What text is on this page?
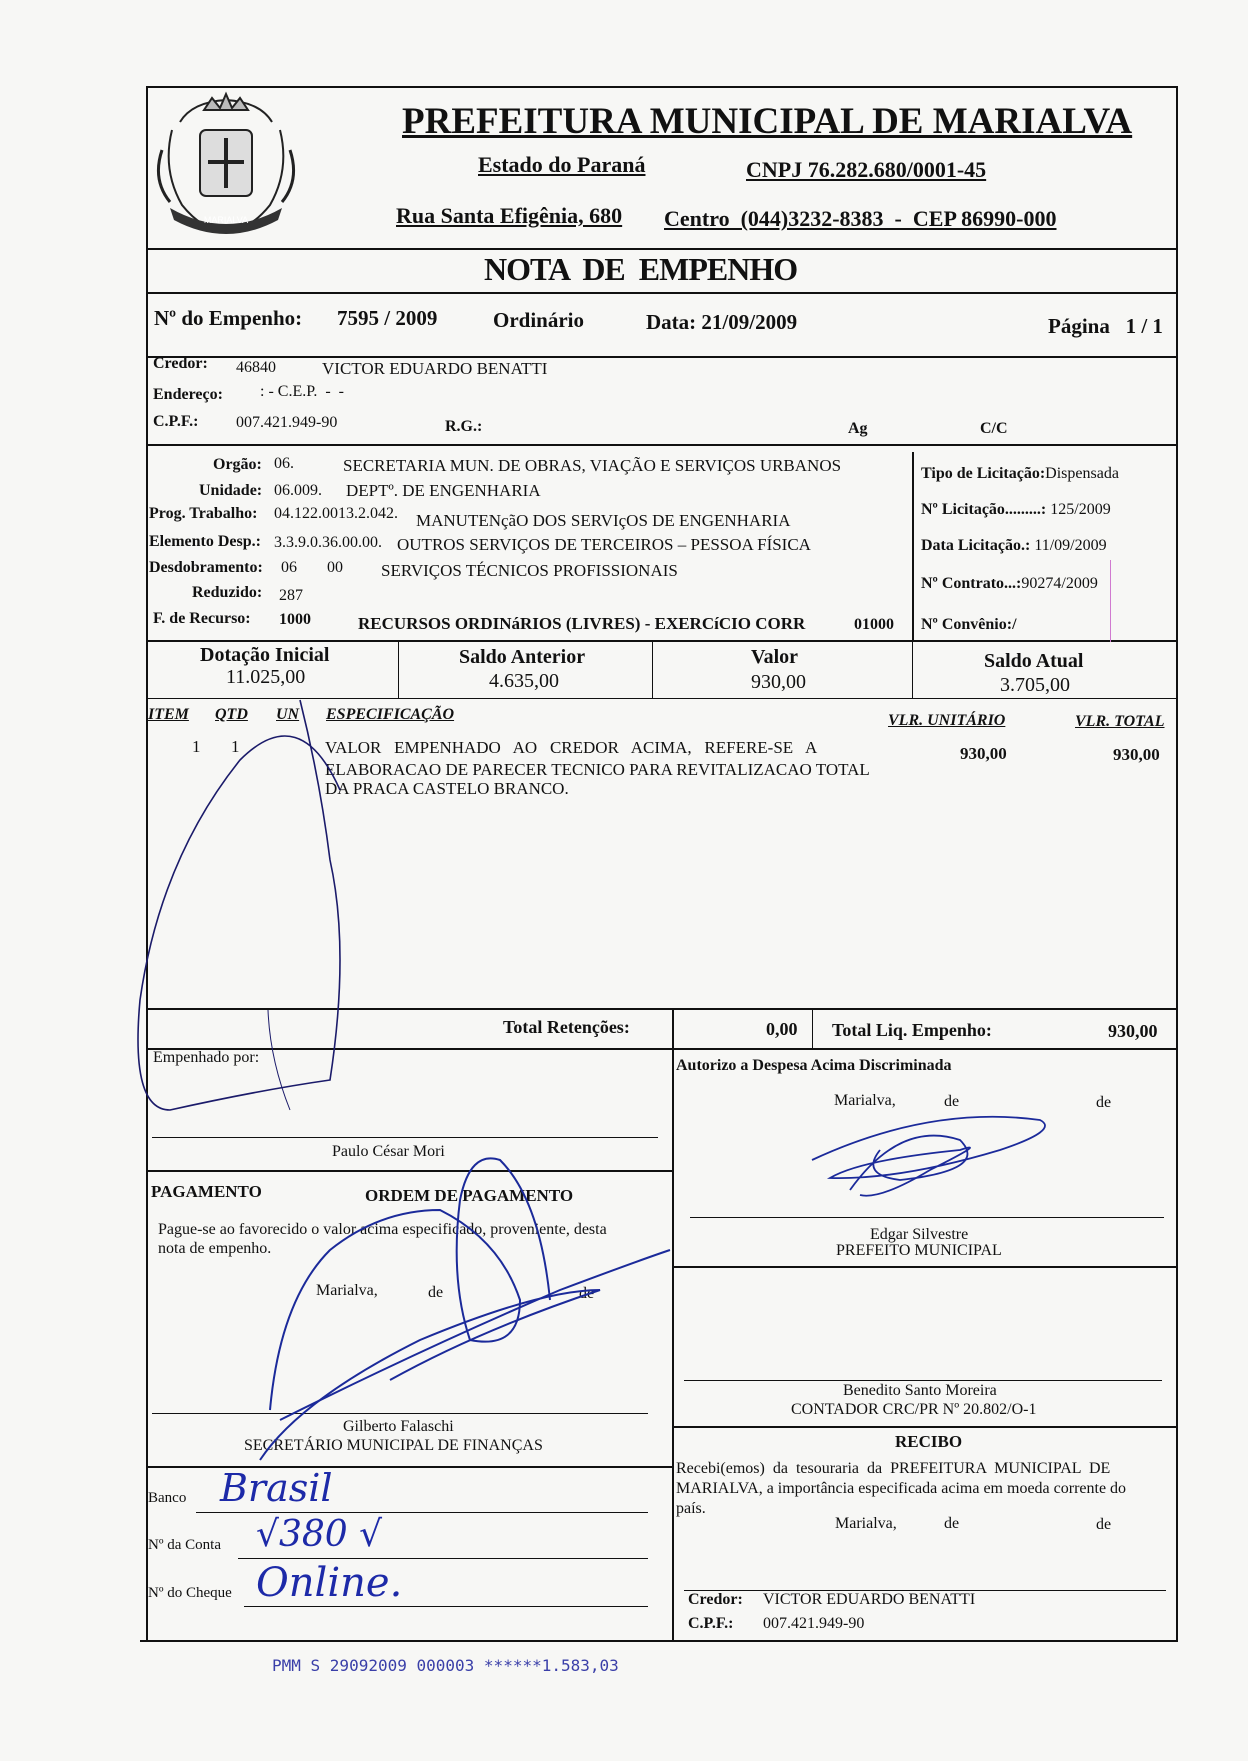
MARIALVA
PREFEITURA MUNICIPAL DE MARIALVA
Estado do Paraná	CNPJ 76.282.680/0001-45
Rua Santa Efigênia, 680 Centro  (044)3232-8383  -  CEP 86990-000
NOTA  DE  EMPENHO
Nº do Empenho: 7595 / 2009	Ordinário	Data: 21/09/2009	Página   1 / 1
Credor: 46840	VICTOR EDUARDO BENATTI
Endereço: : - C.E.P.  -  -
C.P.F.: 007.421.949-90	R.G.:	Ag	C/C
Orgão: 06.	SECRETARIA MUN. DE OBRAS, VIAÇÃO E SERVIÇOS URBANOS
Unidade: 06.009. DEPTº. DE ENGENHARIA
Prog. Trabalho: 04.122.0013.2.042. MANUTENçãO DOS SERVIçOS DE ENGENHARIA
Elemento Desp.: 3.3.9.0.36.00.00. OUTROS SERVIÇOS DE TERCEIROS – PESSOA FÍSICA
Desdobramento: 06 00 SERVIÇOS TÉCNICOS PROFISSIONAIS
Reduzido: 287
F. de Recurso: 1000	RECURSOS ORDINáRIOS (LIVRES) - EXERCíCIO CORR	01000
Tipo de Licitação:Dispensada
Nº Licitação.........: 125/2009
Data Licitação.: 11/09/2009
Nº Contrato...:90274/2009
Nº Convênio:/
Dotação Inicial
11.025,00
Saldo Anterior
4.635,00
Valor
930,00
Saldo Atual
3.705,00
ITEM QTD UN ESPECIFICAÇÃO	VLR. UNITÁRIO	VLR. TOTAL
1 1	VALOR   EMPENHADO   AO   CREDOR   ACIMA,   REFERE-SE   A
ELABORACAO DE PARECER TECNICO PARA REVITALIZACAO TOTAL
DA PRACA CASTELO BRANCO.
930,00	930,00
Total Retenções:	0,00 Total Liq. Empenho:	930,00
Empenhado por:
Paulo César Mori
Autorizo a Despesa Acima Discriminada
Marialva,	de	de
Edgar Silvestre
PREFEITO MUNICIPAL
PAGAMENTO	ORDEM DE PAGAMENTO
Pague-se ao favorecido o valor acima especificado, proveniente, desta
nota de empenho.
Marialva,	de	de
Gilberto Falaschi
SECRETÁRIO MUNICIPAL DE FINANÇAS
Benedito Santo Moreira
CONTADOR CRC/PR Nº 20.802/O-1
Banco Brasil
Nº da Conta √380 √
Nº do Cheque Online.
RECIBO
Recebi(emos)  da  tesouraria  da  PREFEITURA  MUNICIPAL  DE
MARIALVA, a importância especificada acima em moeda corrente do
país.
Marialva,	de	de
Credor: VICTOR EDUARDO BENATTI
C.P.F.: 007.421.949-90
PMM S 29092009 000003 ******1.583,03
